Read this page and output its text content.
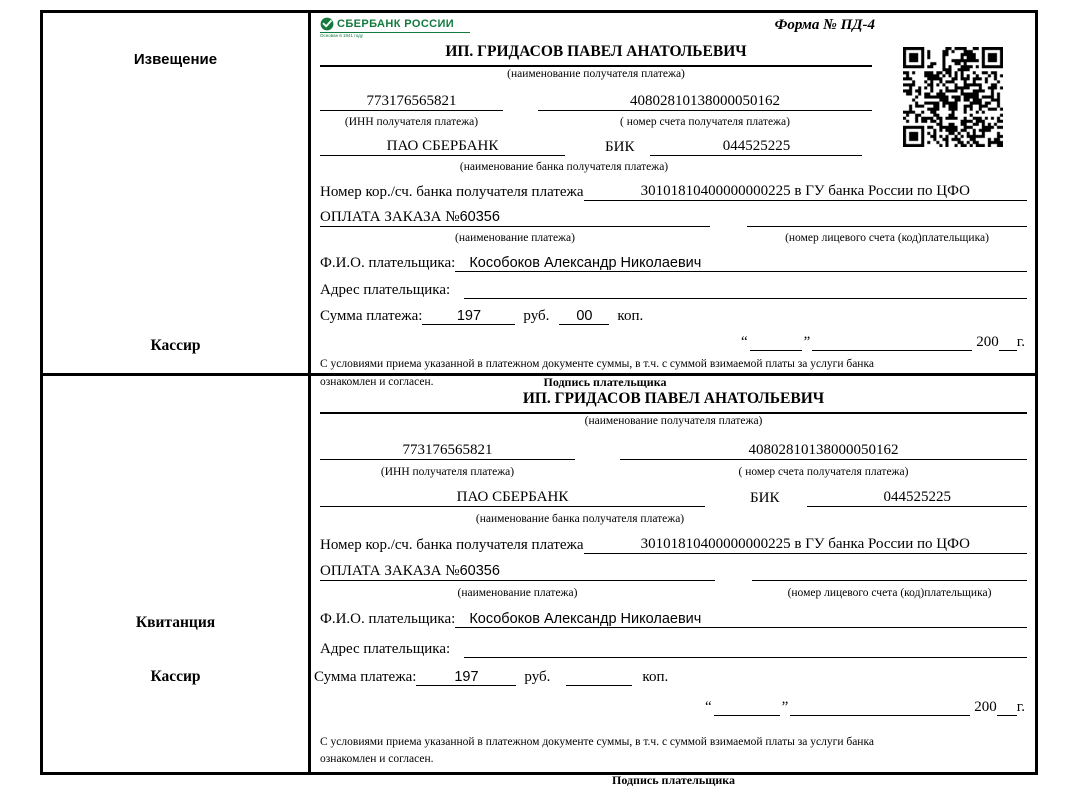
Извещение
Кассир
СБЕРБАНК РОССИИ
Основан в 1841 году
Форма № ПД-4
ИП. ГРИДАСОВ ПАВЕЛ АНАТОЛЬЕВИЧ
(наименование получателя платежа)
773176565821	40802810138000050162
(ИНН получателя платежа)	( номер счета получателя платежа)
ПАО СБЕРБАНК	БИК	044525225
(наименование банка получателя платежа)
Номер кор./сч. банка получателя платежа	30101810400000000225 в ГУ банка России по ЦФО
ОПЛАТА ЗАКАЗА №60356
(наименование платежа)	(номер лицевого счета (код)плательщика)
Ф.И.О. плательщика: Кособоков Александр Николаевич
Адрес плательщика:
Сумма платежа:	197	руб.	00	коп.
“	”	200 г.
С условиями приема указанной в платежном документе суммы, в т.ч. с суммой взимаемой платы за услуги банка
ознакомлен и согласен.	Подпись плательщика
Квитанция
Кассир
ИП. ГРИДАСОВ ПАВЕЛ АНАТОЛЬЕВИЧ
(наименование получателя платежа)
773176565821	40802810138000050162
(ИНН получателя платежа)	( номер счета получателя платежа)
ПАО СБЕРБАНК	БИК	044525225
(наименование банка получателя платежа)
Номер кор./сч. банка получателя платежа	30101810400000000225 в ГУ банка России по ЦФО
ОПЛАТА ЗАКАЗА №60356
(наименование платежа)	(номер лицевого счета (код)плательщика)
Ф.И.О. плательщика: Кособоков Александр Николаевич
Адрес плательщика:
Сумма платежа:	197	руб.	коп.
“	”	200 г.
С условиями приема указанной в платежном документе суммы, в т.ч. с суммой взимаемой платы за услуги банка
ознакомлен и согласен.
Подпись плательщика
